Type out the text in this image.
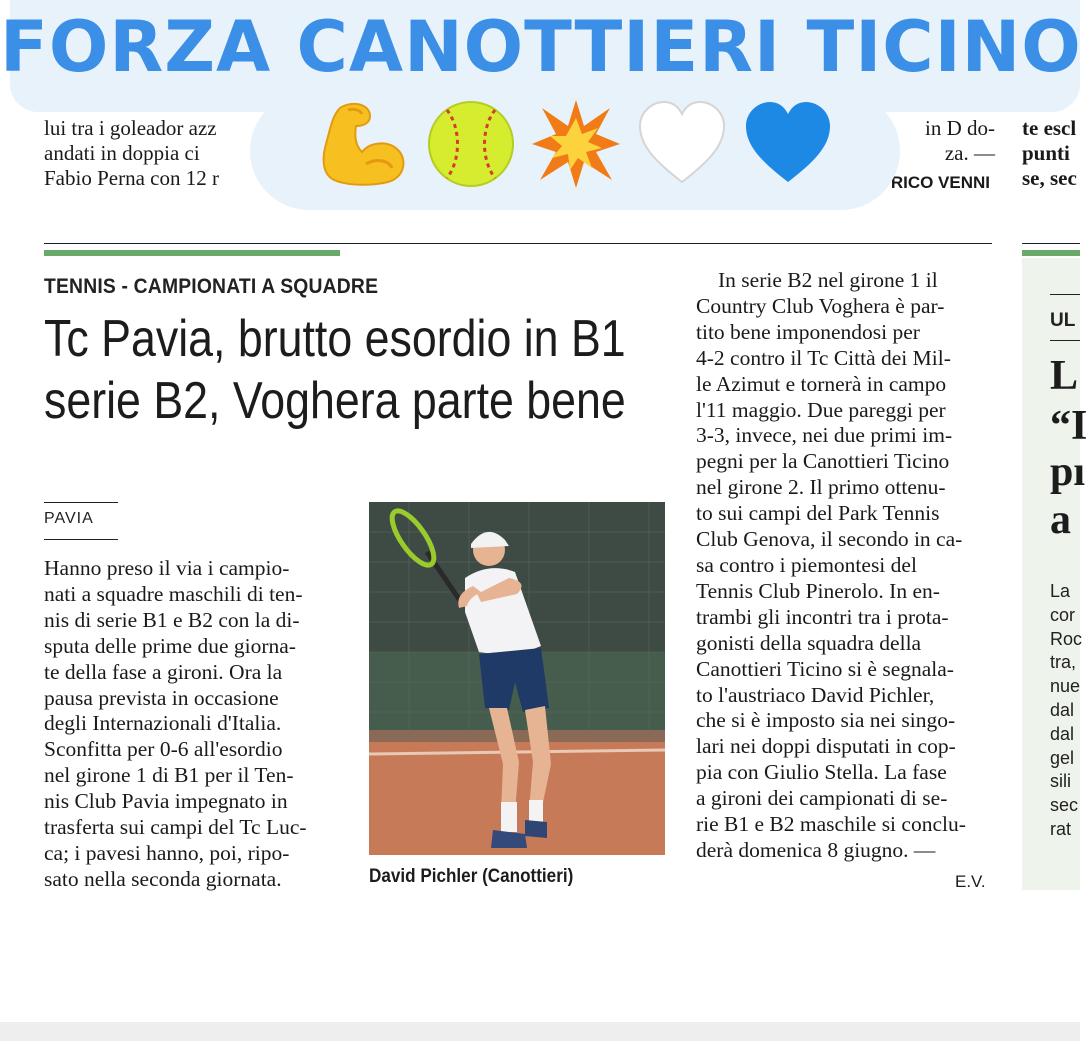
lui tra i goleador azz
andati in doppia ci
Fabio Perna con 12 r
in D do-
za. —
RICO VENNI
te escl
punti
se, sec
FORZA CANOTTIERI TICINO
TENNIS - CAMPIONATI A SQUADRE
Tc Pavia, brutto esordio in B1
serie B2, Voghera parte bene
PAVIA
Hanno preso il via i campio-
nati a squadre maschili di ten-
nis di serie B1 e B2 con la di-
sputa delle prime due giorna-
te della fase a gironi. Ora la
pausa prevista in occasione
degli Internazionali d'Italia.
Sconfitta per 0-6 all'esordio
nel girone 1 di B1 per il Ten-
nis Club Pavia impegnato in
trasferta sui campi del Tc Luc-
ca; i pavesi hanno, poi, ripo-
sato nella seconda giornata.	David Pichler (Canottieri)
In serie B2 nel girone 1 il
Country Club Voghera è par-
tito bene imponendosi per
4-2 contro il Tc Città dei Mil-
le Azimut e tornerà in campo
l'11 maggio. Due pareggi per
3-3, invece, nei due primi im-
pegni per la Canottieri Ticino
nel girone 2. Il primo ottenu-
to sui campi del Park Tennis
Club Genova, il secondo in ca-
sa contro i piemontesi del
Tennis Club Pinerolo. In en-
trambi gli incontri tra i prota-
gonisti della squadra della
Canottieri Ticino si è segnala-
to l'austriaco David Pichler,
che si è imposto sia nei singo-
lari nei doppi disputati in cop-
pia con Giulio Stella. La fase
a gironi dei campionati di se-
rie B1 e B2 maschile si conclu-
derà domenica 8 giugno. —
E.V.
UL
L
“I
pı
a
La
cor
Roc
tra,
nue
dal
dal
gel
sili
sec
rat
